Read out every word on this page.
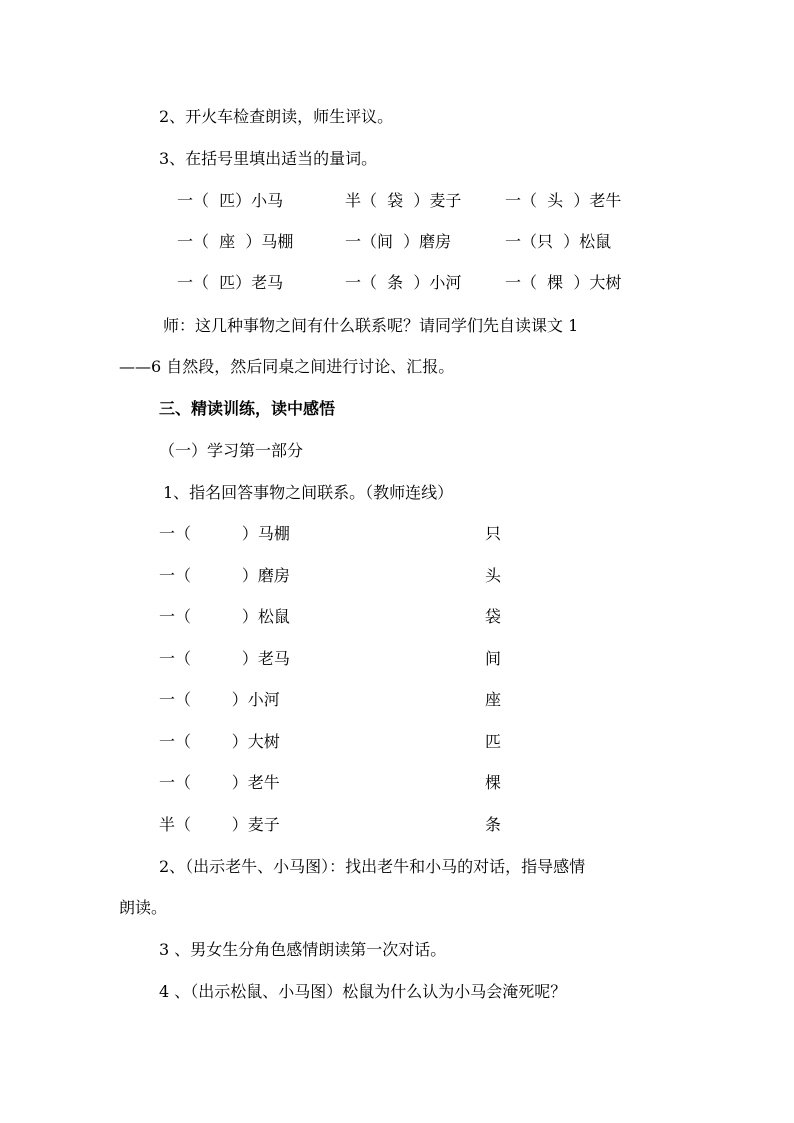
2、开火车检查朗读，师生评议。
3、在括号里填出适当的量词。
一（  匹）小马	半（  袋  ）麦子	一（  头  ）老牛
一（  座  ）马棚	一（间  ）磨房	一（只  ）松鼠
一（  匹）老马	一（  条  ）小河	一（  棵  ）大树
师：这几种事物之间有什么联系呢？请同学们先自读课文 1
——6 自然段，然后同桌之间进行讨论、汇报。
三、精读训练，读中感悟
（一）学习第一部分
1、指名回答事物之间联系。（教师连线）
一（          ）马棚	只
一（          ）磨房	头
一（          ）松鼠	袋
一（          ）老马	间
一（        ）小河	座
一（        ）大树	匹
一（        ）老牛	棵
半（        ）麦子	条
2、（出示老牛、小马图）：找出老牛和小马的对话，指导感情
朗读。
3 、男女生分角色感情朗读第一次对话。
4 、（出示松鼠、小马图）松鼠为什么认为小马会淹死呢？
